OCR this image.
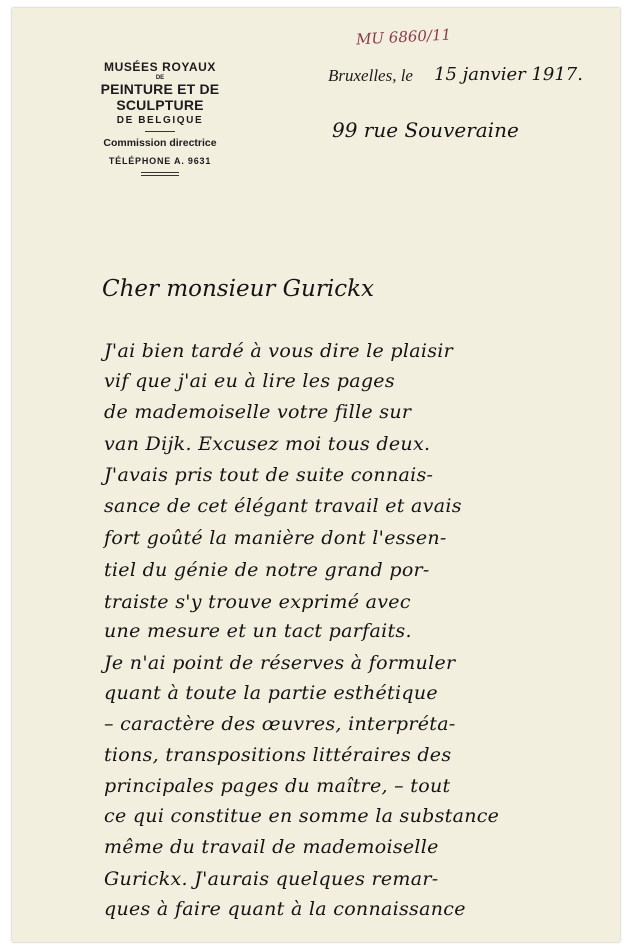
MU 6860/11
MUSÉES ROYAUX
DE
PEINTURE ET DE SCULPTURE
DE BELGIQUE
Commission directrice
TÉLÉPHONE A. 9631
Bruxelles, le 15 janvier 1917.
99 rue Souveraine
Cher monsieur Gurickx
J'ai bien tardé à vous dire le plaisir
vif que j'ai eu à lire les pages
de mademoiselle votre fille sur
van Dijk. Excusez moi tous deux.
J'avais pris tout de suite connais-
sance de cet élégant travail et avais
fort goûté la manière dont l'essen-
tiel du génie de notre grand por-
traiste s'y trouve exprimé avec
une mesure et un tact parfaits.
Je n'ai point de réserves à formuler
quant à toute la partie esthétique
– caractère des œuvres, interpréta-
tions, transpositions littéraires des
principales pages du maître, – tout
ce qui constitue en somme la substance
même du travail de mademoiselle
Gurickx. J'aurais quelques remar-
ques à faire quant à la connaissance
